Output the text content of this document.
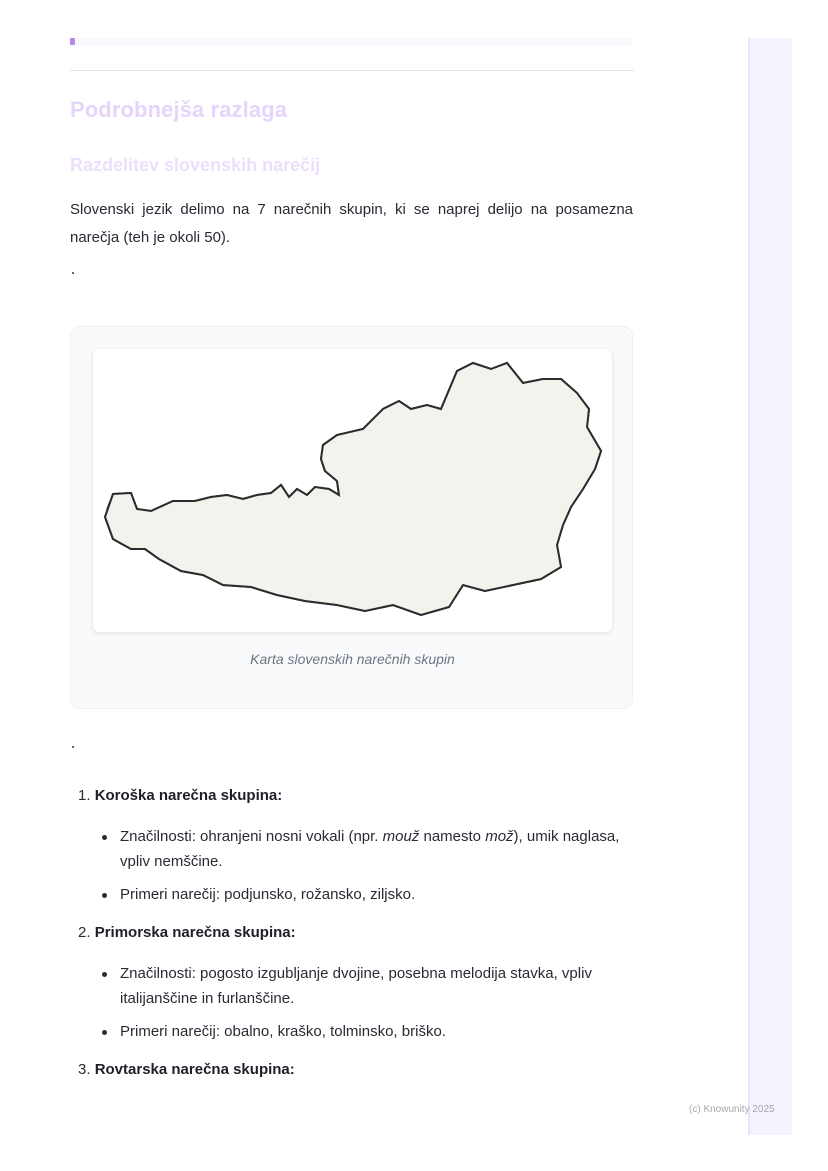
Podrobnejša razlaga
Razdelitev slovenskih narečij

Slovenski jezik delimo na 7 narečnih skupin, ki se naprej delijo na posamezna narečja (teh je okoli 50).

Karta slovenskih narečnih skupin
1. Koroška narečna skupina:
Značilnosti: ohranjeni nosni vokali (npr. mouž namesto mož), umik naglasa, vpliv nemščine.
Primeri narečij: podjunsko, rožansko, ziljsko.
2. Primorska narečna skupina:
Značilnosti: pogosto izgubljanje dvojine, posebna melodija stavka, vpliv italijanščine in furlanščine.
Primeri narečij: obalno, kraško, tolminsko, briško.
3. Rovtarska narečna skupina:
(c) Knowunity 2025
